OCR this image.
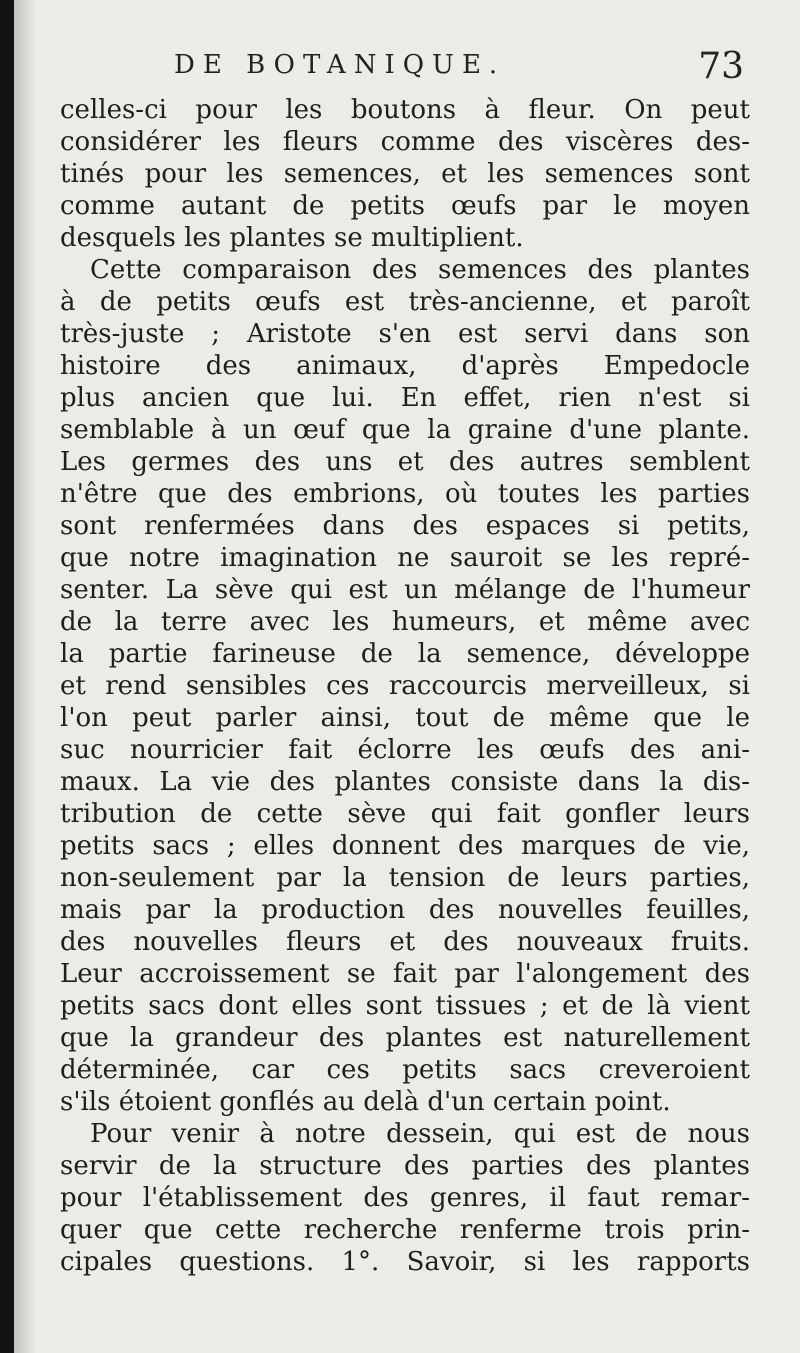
DE BOTANIQUE.	73
celles-ci pour les boutons à fleur. On peut
considérer les fleurs comme des viscères des-
tinés pour les semences, et les semences sont
comme autant de petits œufs par le moyen
desquels les plantes se multiplient.
Cette comparaison des semences des plantes
à de petits œufs est très-ancienne, et paroît
très-juste ; Aristote s'en est servi dans son
histoire des animaux, d'après Empedocle
plus ancien que lui. En effet, rien n'est si
semblable à un œuf que la graine d'une plante.
Les germes des uns et des autres semblent
n'être que des embrions, où toutes les parties
sont renfermées dans des espaces si petits,
que notre imagination ne sauroit se les repré-
senter. La sève qui est un mélange de l'humeur
de la terre avec les humeurs, et même avec
la partie farineuse de la semence, développe
et rend sensibles ces raccourcis merveilleux, si
l'on peut parler ainsi, tout de même que le
suc nourricier fait éclorre les œufs des ani-
maux. La vie des plantes consiste dans la dis-
tribution de cette sève qui fait gonfler leurs
petits sacs ; elles donnent des marques de vie,
non-seulement par la tension de leurs parties,
mais par la production des nouvelles feuilles,
des nouvelles fleurs et des nouveaux fruits.
Leur accroissement se fait par l'alongement des
petits sacs dont elles sont tissues ; et de là vient
que la grandeur des plantes est naturellement
déterminée, car ces petits sacs creveroient
s'ils étoient gonflés au delà d'un certain point.
Pour venir à notre dessein, qui est de nous
servir de la structure des parties des plantes
pour l'établissement des genres, il faut remar-
quer que cette recherche renferme trois prin-
cipales questions. 1°. Savoir, si les rapports
